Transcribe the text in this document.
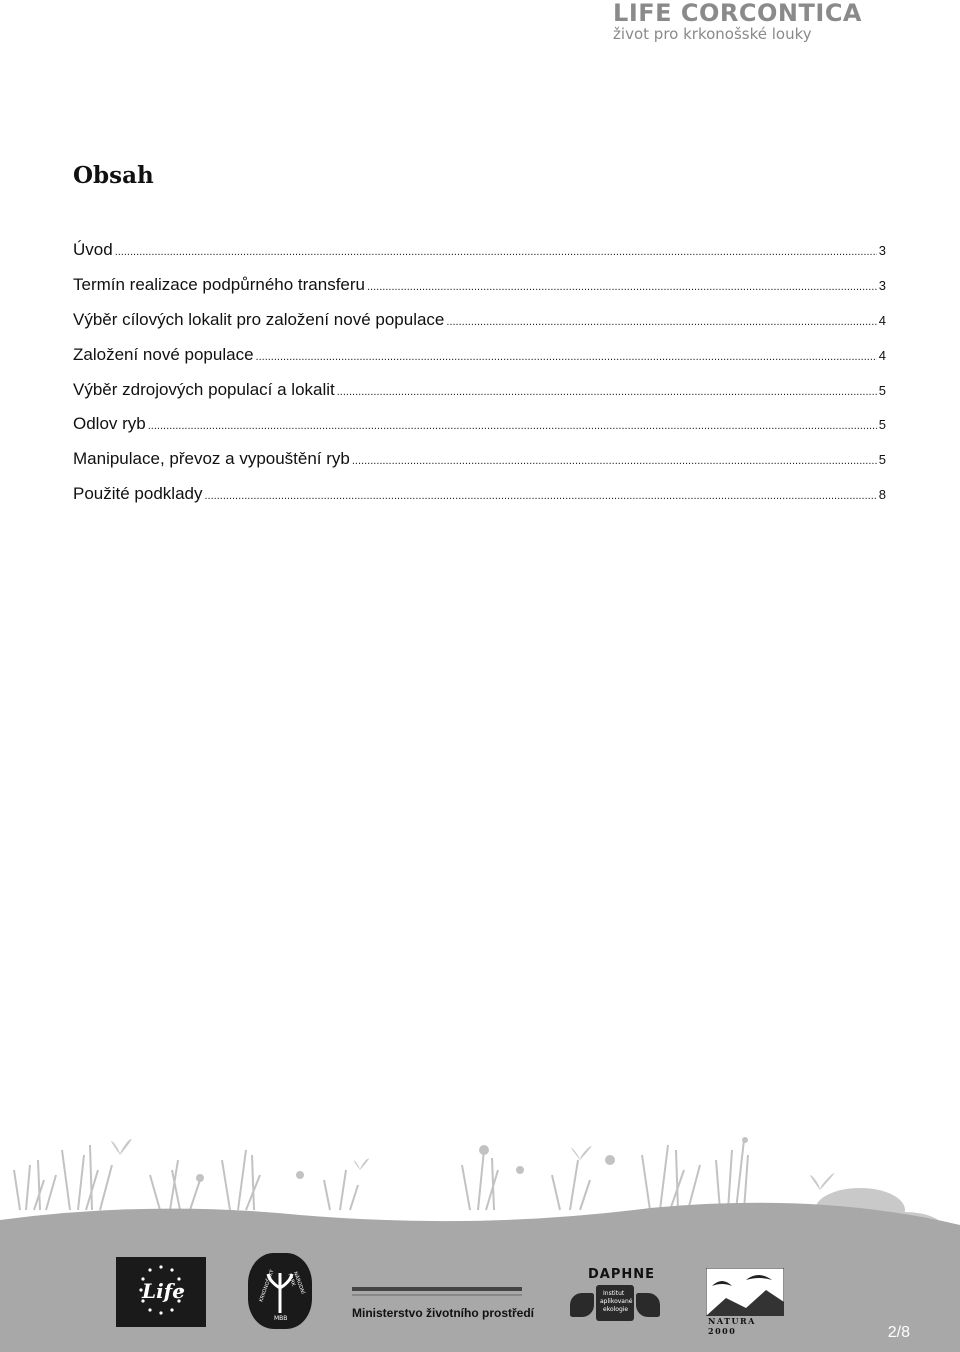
LIFE CORCONTICA
život pro krkonošské louky
Obsah
Úvod .....	3
Termín realizace podpůrného transferu .....	3
Výběr cílových lokalit pro založení nové populace .....	4
Založení nové populace .....	4
Výběr zdrojových populací a lokalit .....	5
Odlov ryb .....	5
Manipulace, převoz a vypouštění ryb .....	5
Použité podklady .....	8
Life	KRKONOŠSKÝ	NÁRODNÍ PARK
MBB	Ministerstvo životního prostředí
DAPHNE
Institut
aplikované
ekologie
NATURA 2000	2/8
